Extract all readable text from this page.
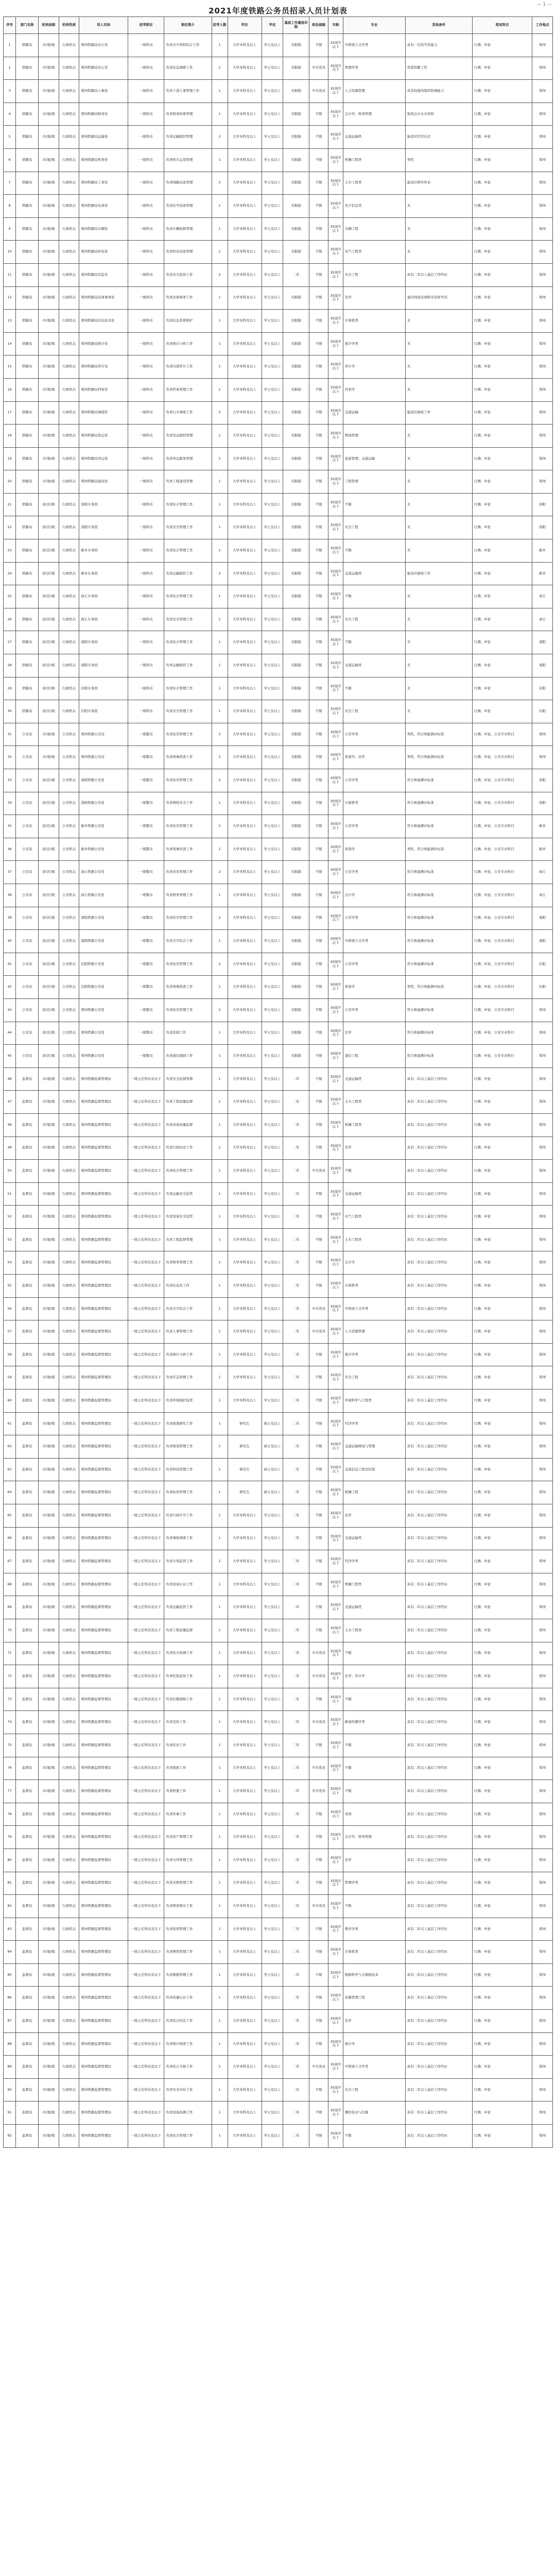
— 1 —
2021年度铁路公务员招录人员计划表
序号	部门名称	机构层级	机构性质	用人司局	招考职位	职位简介	招考人数	学历	学位	基层工作最低年限	政治面貌	年龄	专业	其他条件	笔试科目	工作地点
1	铁路局	市(地)级	行政机关	郑州铁路局办公室	一级科员	负责文字材料综合工作	1	大学本科及以上	学士及以上	无限制	不限	35周岁以下	中国语言文学类	具有一定的写作能力	行测、申论	郑州
2	铁路局	市(地)级	行政机关	郑州铁路局办公室	一级科员	负责信息调研工作	1	大学本科及以上	学士及以上	无限制	中共党员	35周岁以下	管理学类	热爱铁路工作	行测、申论	郑州
3	铁路局	市(地)级	行政机关	郑州铁路局人事处	一级科员	负责干部人事管理工作	1	大学本科及以上	学士及以上	无限制	中共党员	35周岁以下	人力资源管理	具有较强的组织协调能力	行测、申论	郑州
4	铁路局	市(地)级	行政机关	郑州铁路局财务处	一级科员	负责财务核算管理	1	大学本科及以上	学士及以上	无限制	不限	35周岁以下	会计学、财务管理	取得会计从业资格	行测、申论	郑州
5	铁路局	市(地)级	行政机关	郑州铁路局运输处	一级科员	负责运输组织管理	2	大学本科及以上	学士及以上	无限制	不限	35周岁以下	交通运输类	能适应经常出差	行测、申论	郑州
6	铁路局	市(地)级	行政机关	郑州铁路局机务处	一级科员	负责机车运用管理	1	大学本科及以上	学士及以上	无限制	不限	35周岁以下	机械工程类	男性	行测、申论	郑州
7	铁路局	市(地)级	行政机关	郑州铁路局工务处	一级科员	负责线路设备管理	2	大学本科及以上	学士及以上	无限制	不限	35周岁以下	土木工程类	能适应野外作业	行测、申论	郑州
8	铁路局	市(地)级	行政机关	郑州铁路局电务处	一级科员	负责信号设备管理	1	大学本科及以上	学士及以上	无限制	不限	35周岁以下	电子信息类	无	行测、申论	郑州
9	铁路局	市(地)级	行政机关	郑州铁路局车辆处	一级科员	负责车辆检修管理	1	大学本科及以上	学士及以上	无限制	不限	35周岁以下	车辆工程	无	行测、申论	郑州
10	铁路局	市(地)级	行政机关	郑州铁路局供电处	一级科员	负责供电设备管理	1	大学本科及以上	学士及以上	无限制	不限	35周岁以下	电气工程类	无	行测、申论	郑州
11	铁路局	市(地)级	行政机关	郑州铁路局安监室	一级科员	负责安全监察工作	2	大学本科及以上	学士及以上	二年	不限	35周岁以下	安全工程	具有二年以上基层工作经历	行测、申论	郑州
12	铁路局	市(地)级	行政机关	郑州铁路局法律事务处	一级科员	负责法律事务工作	1	大学本科及以上	学士及以上	无限制	不限	35周岁以下	法学	通过国家法律职业资格考试	行测、申论	郑州
13	铁路局	市(地)级	行政机关	郑州铁路局信息技术处	一级科员	负责信息系统维护	1	大学本科及以上	学士及以上	无限制	不限	35周岁以下	计算机类	无	行测、申论	郑州
14	铁路局	市(地)级	行政机关	郑州铁路局统计处	一级科员	负责统计分析工作	1	大学本科及以上	学士及以上	无限制	不限	35周岁以下	统计学类	无	行测、申论	郑州
15	铁路局	市(地)级	行政机关	郑州铁路局审计处	一级科员	负责内部审计工作	1	大学本科及以上	学士及以上	无限制	不限	35周岁以下	审计学	无	行测、申论	郑州
16	铁路局	市(地)级	行政机关	郑州铁路局档案室	一级科员	负责档案管理工作	1	大学本科及以上	学士及以上	无限制	不限	35周岁以下	档案学	无	行测、申论	郑州
17	铁路局	市(地)级	行政机关	郑州铁路局调度所	一级科员	负责行车调度工作	2	大学本科及以上	学士及以上	无限制	不限	35周岁以下	交通运输	能适应倒班工作	行测、申论	郑州
18	铁路局	市(地)级	行政机关	郑州铁路局货运处	一级科员	负责货运组织管理	1	大学本科及以上	学士及以上	无限制	不限	35周岁以下	物流管理	无	行测、申论	郑州
19	铁路局	市(地)级	行政机关	郑州铁路局客运处	一级科员	负责客运服务管理	1	大学本科及以上	学士及以上	无限制	不限	35周岁以下	旅游管理、交通运输	无	行测、申论	郑州
20	铁路局	市(地)级	行政机关	郑州铁路局建设处	一级科员	负责工程建设管理	1	大学本科及以上	学士及以上	无限制	不限	35周岁以下	工程管理	无	行测、申论	郑州
21	铁路局	县(区)级	行政机关	洛阳车务段	一级科员	负责综合管理工作	1	大学本科及以上	学士及以上	无限制	不限	35周岁以下	不限	无	行测、申论	洛阳
22	铁路局	县(区)级	行政机关	洛阳车务段	一级科员	负责安全管理工作	1	大学本科及以上	学士及以上	无限制	不限	35周岁以下	安全工程	无	行测、申论	洛阳
23	铁路局	县(区)级	行政机关	新乡车务段	一级科员	负责综合管理工作	1	大学本科及以上	学士及以上	无限制	不限	35周岁以下	不限	无	行测、申论	新乡
24	铁路局	县(区)级	行政机关	新乡车务段	一级科员	负责运输组织工作	2	大学本科及以上	学士及以上	无限制	不限	35周岁以下	交通运输类	能适应倒班工作	行测、申论	新乡
25	铁路局	县(区)级	行政机关	商丘车务段	一级科员	负责综合管理工作	1	大学本科及以上	学士及以上	无限制	不限	35周岁以下	不限	无	行测、申论	商丘
26	铁路局	县(区)级	行政机关	商丘车务段	一级科员	负责安全管理工作	1	大学本科及以上	学士及以上	无限制	不限	35周岁以下	安全工程	无	行测、申论	商丘
27	铁路局	县(区)级	行政机关	南阳车务段	一级科员	负责综合管理工作	1	大学本科及以上	学士及以上	无限制	不限	35周岁以下	不限	无	行测、申论	南阳
28	铁路局	县(区)级	行政机关	南阳车务段	一级科员	负责运输组织工作	1	大学本科及以上	学士及以上	无限制	不限	35周岁以下	交通运输类	无	行测、申论	南阳
29	铁路局	县(区)级	行政机关	信阳车务段	一级科员	负责综合管理工作	1	大学本科及以上	学士及以上	无限制	不限	35周岁以下	不限	无	行测、申论	信阳
30	铁路局	县(区)级	行政机关	信阳车务段	一级科员	负责安全管理工作	1	大学本科及以上	学士及以上	无限制	不限	35周岁以下	安全工程	无	行测、申论	信阳
31	公安局	市(地)级	公安机关	郑州铁路公安局	一级警员	负责治安管理工作	2	大学本科及以上	学士及以上	无限制	不限	30周岁以下	公安学类	男性，符合体能测评标准	行测、申论、公安专业科目	郑州
32	公安局	市(地)级	公安机关	郑州铁路公安局	一级警员	负责刑事侦查工作	2	大学本科及以上	学士及以上	无限制	不限	30周岁以下	侦查学、法学	男性，符合体能测评标准	行测、申论、公安专业科目	郑州
33	公安局	县(区)级	公安机关	洛阳铁路公安处	一级警员	负责治安管理工作	2	大学本科及以上	学士及以上	无限制	不限	30周岁以下	公安学类	符合体能测评标准	行测、申论、公安专业科目	洛阳
34	公安局	县(区)级	公安机关	洛阳铁路公安处	一级警员	负责网络安全工作	1	大学本科及以上	学士及以上	无限制	不限	30周岁以下	计算机类	符合体能测评标准	行测、申论、公安专业科目	洛阳
35	公安局	县(区)级	公安机关	新乡铁路公安处	一级警员	负责治安管理工作	2	大学本科及以上	学士及以上	无限制	不限	30周岁以下	公安学类	符合体能测评标准	行测、申论、公安专业科目	新乡
36	公安局	县(区)级	公安机关	新乡铁路公安处	一级警员	负责刑事侦查工作	1	大学本科及以上	学士及以上	无限制	不限	30周岁以下	侦查学	男性，符合体能测评标准	行测、申论、公安专业科目	新乡
37	公安局	县(区)级	公安机关	商丘铁路公安处	一级警员	负责治安管理工作	2	大学本科及以上	学士及以上	无限制	不限	30周岁以下	公安学类	符合体能测评标准	行测、申论、公安专业科目	商丘
38	公安局	县(区)级	公安机关	商丘铁路公安处	一级警员	负责财务管理工作	1	大学本科及以上	学士及以上	无限制	不限	30周岁以下	会计学	符合体能测评标准	行测、申论、公安专业科目	商丘
39	公安局	县(区)级	公安机关	南阳铁路公安处	一级警员	负责治安管理工作	2	大学本科及以上	学士及以上	无限制	不限	30周岁以下	公安学类	符合体能测评标准	行测、申论、公安专业科目	南阳
40	公安局	县(区)级	公安机关	南阳铁路公安处	一级警员	负责文字综合工作	1	大学本科及以上	学士及以上	无限制	不限	30周岁以下	中国语言文学类	符合体能测评标准	行测、申论、公安专业科目	南阳
41	公安局	县(区)级	公安机关	信阳铁路公安处	一级警员	负责治安管理工作	2	大学本科及以上	学士及以上	无限制	不限	30周岁以下	公安学类	符合体能测评标准	行测、申论、公安专业科目	信阳
42	公安局	县(区)级	公安机关	信阳铁路公安处	一级警员	负责刑事侦查工作	1	大学本科及以上	学士及以上	无限制	不限	30周岁以下	侦查学	男性，符合体能测评标准	行测、申论、公安专业科目	信阳
43	公安局	县(区)级	公安机关	郑州铁路公安处	一级警员	负责治安管理工作	2	大学本科及以上	学士及以上	无限制	不限	30周岁以下	公安学类	符合体能测评标准	行测、申论、公安专业科目	郑州
44	公安局	县(区)级	公安机关	郑州铁路公安处	一级警员	负责法制工作	1	大学本科及以上	学士及以上	无限制	不限	30周岁以下	法学	符合体能测评标准	行测、申论、公安专业科目	郑州
45	公安局	县(区)级	公安机关	郑州铁路公安处	一级警员	负责通信保障工作	1	大学本科及以上	学士及以上	无限制	不限	30周岁以下	通信工程	符合体能测评标准	行测、申论、公安专业科目	郑州
46	监督局	市(地)级	行政机关	郑州铁路监督管理局	一级主任科员及以下	负责安全监督管理	1	大学本科及以上	学士及以上	二年	不限	35周岁以下	交通运输类	具有二年以上基层工作经历	行测、申论	郑州
47	监督局	市(地)级	行政机关	郑州铁路监督管理局	一级主任科员及以下	负责工程质量监督	1	大学本科及以上	学士及以上	二年	不限	35周岁以下	土木工程类	具有二年以上基层工作经历	行测、申论	郑州
48	监督局	市(地)级	行政机关	郑州铁路监督管理局	一级主任科员及以下	负责设备质量监督	1	大学本科及以上	学士及以上	二年	不限	35周岁以下	机械工程类	具有二年以上基层工作经历	行测、申论	郑州
49	监督局	市(地)级	行政机关	郑州铁路监督管理局	一级主任科员及以下	负责行政执法工作	1	大学本科及以上	学士及以上	二年	不限	35周岁以下	法学	具有二年以上基层工作经历	行测、申论	郑州
50	监督局	市(地)级	行政机关	郑州铁路监督管理局	一级主任科员及以下	负责综合管理工作	1	大学本科及以上	学士及以上	二年	中共党员	35周岁以下	不限	具有二年以上基层工作经历	行测、申论	郑州
51	监督局	市(地)级	行政机关	郑州铁路监督管理局	一级主任科员及以下	负责运输安全监管	1	大学本科及以上	学士及以上	二年	不限	35周岁以下	交通运输类	具有二年以上基层工作经历	行测、申论	郑州
52	监督局	市(地)级	行政机关	郑州铁路监督管理局	一级主任科员及以下	负责设备安全监管	1	大学本科及以上	学士及以上	二年	不限	35周岁以下	电气工程类	具有二年以上基层工作经历	行测、申论	郑州
53	监督局	市(地)级	行政机关	郑州铁路监督管理局	一级主任科员及以下	负责工程监督管理	1	大学本科及以上	学士及以上	二年	不限	35周岁以下	土木工程类	具有二年以上基层工作经历	行测、申论	郑州
54	监督局	市(地)级	行政机关	郑州铁路监督管理局	一级主任科员及以下	负责财务管理工作	1	大学本科及以上	学士及以上	二年	不限	35周岁以下	会计学	具有二年以上基层工作经历	行测、申论	郑州
55	监督局	市(地)级	行政机关	郑州铁路监督管理局	一级主任科员及以下	负责信息化工作	1	大学本科及以上	学士及以上	二年	不限	35周岁以下	计算机类	具有二年以上基层工作经历	行测、申论	郑州
56	监督局	市(地)级	行政机关	郑州铁路监督管理局	一级主任科员及以下	负责文字综合工作	1	大学本科及以上	学士及以上	二年	中共党员	35周岁以下	中国语言文学类	具有二年以上基层工作经历	行测、申论	郑州
57	监督局	市(地)级	行政机关	郑州铁路监督管理局	一级主任科员及以下	负责人事管理工作	1	大学本科及以上	学士及以上	二年	中共党员	35周岁以下	人力资源管理	具有二年以上基层工作经历	行测、申论	郑州
58	监督局	市(地)级	行政机关	郑州铁路监督管理局	一级主任科员及以下	负责统计分析工作	1	大学本科及以上	学士及以上	二年	不限	35周岁以下	统计学类	具有二年以上基层工作经历	行测、申论	郑州
59	监督局	市(地)级	行政机关	郑州铁路监督管理局	一级主任科员及以下	负责应急管理工作	1	大学本科及以上	学士及以上	二年	不限	35周岁以下	安全工程	具有二年以上基层工作经历	行测、申论	郑州
60	监督局	市(地)级	行政机关	郑州铁路监督管理局	一级主任科员及以下	负责环境保护监管	1	大学本科及以上	学士及以上	二年	不限	35周岁以下	环境科学与工程类	具有二年以上基层工作经历	行测、申论	郑州
61	监督局	市(地)级	行政机关	郑州铁路监督管理局	一级主任科员及以下	负责政策研究工作	1	研究生	硕士及以上	二年	不限	35周岁以下	经济学类	具有二年以上基层工作经历	行测、申论	郑州
62	监督局	市(地)级	行政机关	郑州铁路监督管理局	一级主任科员及以下	负责规划管理工作	1	研究生	硕士及以上	二年	不限	35周岁以下	交通运输规划与管理	具有二年以上基层工作经历	行测、申论	郑州
63	监督局	市(地)级	行政机关	郑州铁路监督管理局	一级主任科员及以下	负责科技管理工作	1	研究生	硕士及以上	二年	不限	35周岁以下	交通信息工程及控制	具有二年以上基层工作经历	行测、申论	郑州
64	监督局	市(地)级	行政机关	郑州铁路监督管理局	一级主任科员及以下	负责标准管理工作	1	研究生	硕士及以上	二年	不限	35周岁以下	机械工程	具有二年以上基层工作经历	行测、申论	郑州
65	监督局	市(地)级	行政机关	郑州铁路监督管理局	一级主任科员及以下	负责行政许可工作	1	大学本科及以上	学士及以上	二年	不限	35周岁以下	法学	具有二年以上基层工作经历	行测、申论	郑州
66	监督局	市(地)级	行政机关	郑州铁路监督管理局	一级主任科员及以下	负责事故调查工作	1	大学本科及以上	学士及以上	二年	不限	35周岁以下	交通运输类	具有二年以上基层工作经历	行测、申论	郑州
67	监督局	市(地)级	行政机关	郑州铁路监督管理局	一级主任科员及以下	负责市场监管工作	1	大学本科及以上	学士及以上	二年	不限	35周岁以下	经济学类	具有二年以上基层工作经历	行测、申论	郑州
68	监督局	市(地)级	行政机关	郑州铁路监督管理局	一级主任科员及以下	负责设备认证工作	1	大学本科及以上	学士及以上	二年	不限	35周岁以下	机械工程类	具有二年以上基层工作经历	行测、申论	郑州
69	监督局	市(地)级	行政机关	郑州铁路监督管理局	一级主任科员及以下	负责运输监管工作	1	大学本科及以上	学士及以上	二年	不限	35周岁以下	交通运输类	具有二年以上基层工作经历	行测、申论	郑州
70	监督局	市(地)级	行政机关	郑州铁路监督管理局	一级主任科员及以下	负责工程质量监督	1	大学本科及以上	学士及以上	二年	不限	35周岁以下	土木工程类	具有二年以上基层工作经历	行测、申论	郑州
71	监督局	市(地)级	行政机关	郑州铁路监督管理局	一级主任科员及以下	负责综合协调工作	1	大学本科及以上	学士及以上	二年	中共党员	35周岁以下	不限	具有二年以上基层工作经历	行测、申论	郑州
72	监督局	市(地)级	行政机关	郑州铁路监督管理局	一级主任科员及以下	负责纪检监察工作	1	大学本科及以上	学士及以上	二年	中共党员	35周岁以下	法学、审计学	具有二年以上基层工作经历	行测、申论	郑州
73	监督局	市(地)级	行政机关	郑州铁路监督管理局	一级主任科员及以下	负责后勤保障工作	1	大学本科及以上	学士及以上	二年	不限	35周岁以下	不限	具有二年以上基层工作经历	行测、申论	郑州
74	监督局	市(地)级	行政机关	郑州铁路监督管理局	一级主任科员及以下	负责宣传工作	1	大学本科及以上	学士及以上	二年	中共党员	35周岁以下	新闻传播学类	具有二年以上基层工作经历	行测、申论	郑州
75	监督局	市(地)级	行政机关	郑州铁路监督管理局	一级主任科员及以下	负责信访工作	1	大学本科及以上	学士及以上	二年	不限	35周岁以下	不限	具有二年以上基层工作经历	行测、申论	郑州
76	监督局	市(地)级	行政机关	郑州铁路监督管理局	一级主任科员及以下	负责保密工作	1	大学本科及以上	学士及以上	二年	中共党员	35周岁以下	不限	具有二年以上基层工作经历	行测、申论	郑州
77	监督局	市(地)级	行政机关	郑州铁路监督管理局	一级主任科员及以下	负责机要工作	1	大学本科及以上	学士及以上	二年	中共党员	35周岁以下	不限	具有二年以上基层工作经历	行测、申论	郑州
78	监督局	市(地)级	行政机关	郑州铁路监督管理局	一级主任科员及以下	负责外事工作	1	大学本科及以上	学士及以上	二年	不限	35周岁以下	英语	具有二年以上基层工作经历	行测、申论	郑州
79	监督局	市(地)级	行政机关	郑州铁路监督管理局	一级主任科员及以下	负责资产管理工作	1	大学本科及以上	学士及以上	二年	不限	35周岁以下	会计学、财务管理	具有二年以上基层工作经历	行测、申论	郑州
80	监督局	市(地)级	行政机关	郑州铁路监督管理局	一级主任科员及以下	负责合同管理工作	1	大学本科及以上	学士及以上	二年	不限	35周岁以下	法学	具有二年以上基层工作经历	行测、申论	郑州
81	监督局	市(地)级	行政机关	郑州铁路监督管理局	一级主任科员及以下	负责采购管理工作	1	大学本科及以上	学士及以上	二年	不限	35周岁以下	管理学类	具有二年以上基层工作经历	行测、申论	郑州
82	监督局	市(地)级	行政机关	郑州铁路监督管理局	一级主任科员及以下	负责督查督办工作	1	大学本科及以上	学士及以上	二年	中共党员	35周岁以下	不限	具有二年以上基层工作经历	行测、申论	郑州
83	监督局	市(地)级	行政机关	郑州铁路监督管理局	一级主任科员及以下	负责培训管理工作	1	大学本科及以上	学士及以上	二年	不限	35周岁以下	教育学类	具有二年以上基层工作经历	行测、申论	郑州
84	监督局	市(地)级	行政机关	郑州铁路监督管理局	一级主任科员及以下	负责网络管理工作	1	大学本科及以上	学士及以上	二年	不限	35周岁以下	计算机类	具有二年以上基层工作经历	行测、申论	郑州
85	监督局	市(地)级	行政机关	郑州铁路监督管理局	一级主任科员及以下	负责数据管理工作	1	大学本科及以上	学士及以上	二年	不限	35周岁以下	数据科学与大数据技术	具有二年以上基层工作经历	行测、申论	郑州
86	监督局	市(地)级	行政机关	郑州铁路监督管理局	一级主任科员及以下	负责质量认证工作	1	大学本科及以上	学士及以上	二年	不限	35周岁以下	质量管理工程	具有二年以上基层工作经历	行测、申论	郑州
87	监督局	市(地)级	行政机关	郑州铁路监督管理局	一级主任科员及以下	负责综合执法工作	1	大学本科及以上	学士及以上	二年	不限	35周岁以下	法学	具有二年以上基层工作经历	行测、申论	郑州
88	监督局	市(地)级	行政机关	郑州铁路监督管理局	一级主任科员及以下	负责统计调查工作	1	大学本科及以上	学士及以上	二年	不限	35周岁以下	统计学	具有二年以上基层工作经历	行测、申论	郑州
89	监督局	市(地)级	行政机关	郑州铁路监督管理局	一级主任科员及以下	负责综合文秘工作	1	大学本科及以上	学士及以上	二年	中共党员	35周岁以下	中国语言文学类	具有二年以上基层工作经历	行测、申论	郑州
90	监督局	市(地)级	行政机关	郑州铁路监督管理局	一级主任科员及以下	负责安全评估工作	1	大学本科及以上	学士及以上	二年	不限	35周岁以下	安全工程	具有二年以上基层工作经历	行测、申论	郑州
91	监督局	市(地)级	行政机关	郑州铁路监督管理局	一级主任科员及以下	负责设备检测工作	1	大学本科及以上	学士及以上	二年	不限	35周岁以下	测控技术与仪器	具有二年以上基层工作经历	行测、申论	郑州
92	监督局	市(地)级	行政机关	郑州铁路监督管理局	一级主任科员及以下	负责综合管理工作	1	大学本科及以上	学士及以上	二年	不限	35周岁以下	不限	具有二年以上基层工作经历	行测、申论	郑州
